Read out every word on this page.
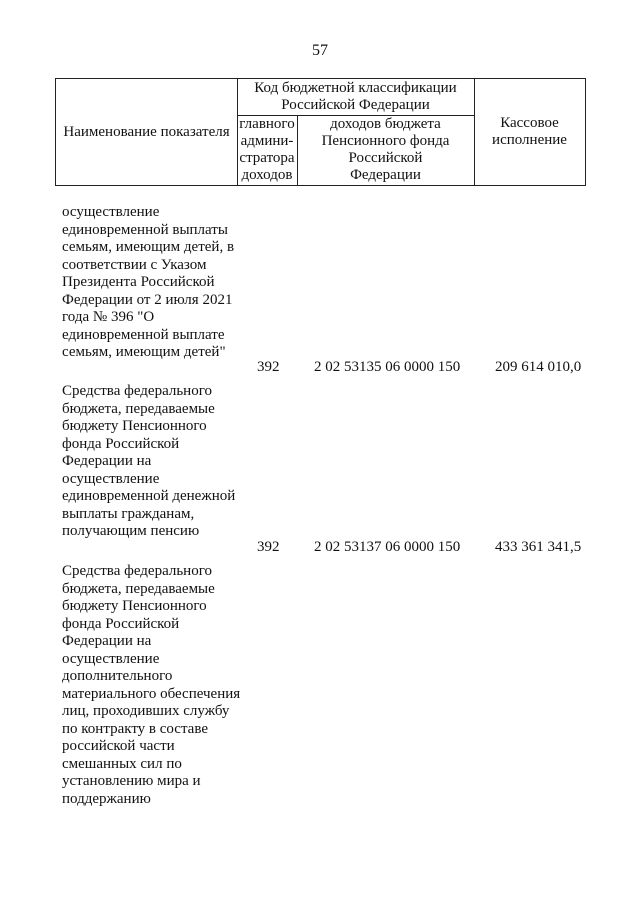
57
Наименование показателя
Код бюджетной классификации Российской Федерации
главного админи-стратора доходов
доходов бюджета Пенсионного фонда Российской Федерации
Кассовое исполнение
осуществление единовременной выплаты семьям, имеющим детей, в соответствии с Указом Президента Российской Федерации от 2 июля 2021 года № 396 "О единовременной выплате семьям, имеющим детей"
392 2 02 53135 06 0000 150 209 614 010,0
Средства федерального бюджета, передаваемые бюджету Пенсионного фонда Российской Федерации на осуществление единовременной денежной выплаты гражданам, получающим пенсию
392 2 02 53137 06 0000 150 433 361 341,5
Средства федерального бюджета, передаваемые бюджету Пенсионного фонда Российской Федерации на осуществление дополнительного материального обеспечения лиц, проходивших службу по контракту в составе российской части смешанных сил по установлению мира и поддержанию
